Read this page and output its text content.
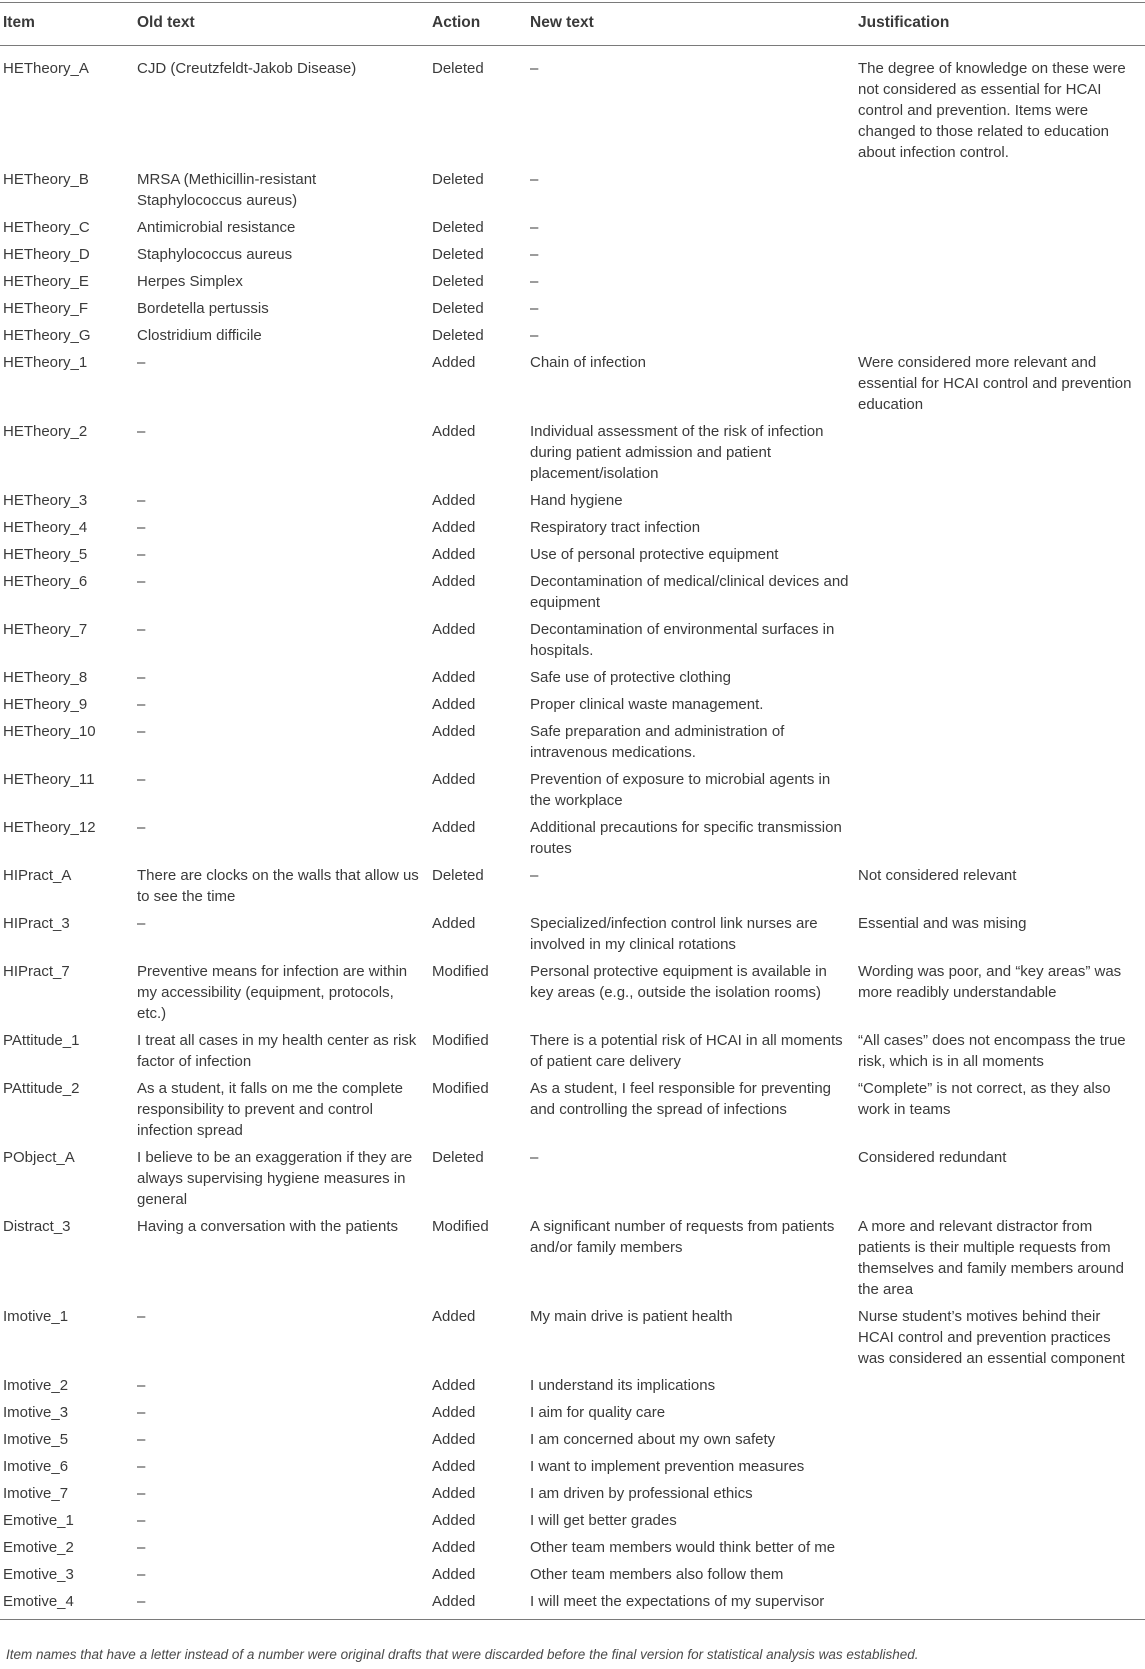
Item	Old text	Action	New text	Justification
HETheory_A	CJD (Creutzfeldt-Jakob Disease)	Deleted	–	The degree of knowledge on these were not considered as essential for HCAI control and prevention. Items were changed to those related to education about infection control.
HETheory_B	MRSA (Methicillin-resistant Staphylococcus aureus)	Deleted	–	
HETheory_C	Antimicrobial resistance	Deleted	–	
HETheory_D	Staphylococcus aureus	Deleted	–	
HETheory_E	Herpes Simplex	Deleted	–	
HETheory_F	Bordetella pertussis	Deleted	–	
HETheory_G	Clostridium difficile	Deleted	–	
HETheory_1	–	Added	Chain of infection	Were considered more relevant and essential for HCAI control and prevention education
HETheory_2	–	Added	Individual assessment of the risk of infection during patient admission and patient placement/isolation	
HETheory_3	–	Added	Hand hygiene	
HETheory_4	–	Added	Respiratory tract infection	
HETheory_5	–	Added	Use of personal protective equipment	
HETheory_6	–	Added	Decontamination of medical/clinical devices and equipment	
HETheory_7	–	Added	Decontamination of environmental surfaces in hospitals.	
HETheory_8	–	Added	Safe use of protective clothing	
HETheory_9	–	Added	Proper clinical waste management.	
HETheory_10	–	Added	Safe preparation and administration of intravenous medications.	
HETheory_11	–	Added	Prevention of exposure to microbial agents in the workplace	
HETheory_12	–	Added	Additional precautions for specific transmission routes	
HIPract_A	There are clocks on the walls that allow us to see the time	Deleted	–	Not considered relevant
HIPract_3	–	Added	Specialized/infection control link nurses are involved in my clinical rotations	Essential and was mising
HIPract_7	Preventive means for infection are within my accessibility (equipment, protocols, etc.)	Modified	Personal protective equipment is available in key areas (e.g., outside the isolation rooms)	Wording was poor, and “key areas” was more readibly understandable
PAttitude_1	I treat all cases in my health center as risk factor of infection	Modified	There is a potential risk of HCAI in all moments of patient care delivery	“All cases” does not encompass the true risk, which is in all moments
PAttitude_2	As a student, it falls on me the complete responsibility to prevent and control infection spread	Modified	As a student, I feel responsible for preventing and controlling the spread of infections	“Complete” is not correct, as they also work in teams
PObject_A	I believe to be an exaggeration if they are always supervising hygiene measures in general	Deleted	–	Considered redundant
Distract_3	Having a conversation with the patients	Modified	A significant number of requests from patients and/or family members	A more and relevant distractor from patients is their multiple requests from themselves and family members around the area
Imotive_1	–	Added	My main drive is patient health	Nurse student’s motives behind their HCAI control and prevention practices was considered an essential component
Imotive_2	–	Added	I understand its implications	
Imotive_3	–	Added	I aim for quality care	
Imotive_5	–	Added	I am concerned about my own safety	
Imotive_6	–	Added	I want to implement prevention measures	
Imotive_7	–	Added	I am driven by professional ethics	
Emotive_1	–	Added	I will get better grades	
Emotive_2	–	Added	Other team members would think better of me	
Emotive_3	–	Added	Other team members also follow them	
Emotive_4	–	Added	I will meet the expectations of my supervisor	
Item names that have a letter instead of a number were original drafts that were discarded before the final version for statistical analysis was established.
